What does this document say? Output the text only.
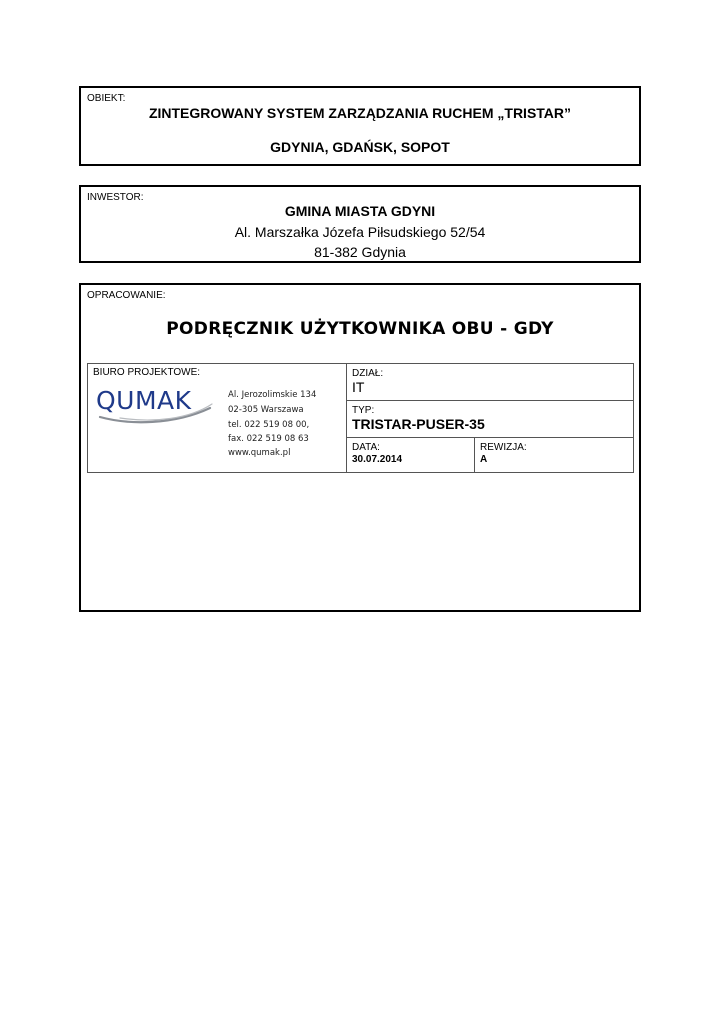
OBIEKT:
ZINTEGROWANY SYSTEM ZARZĄDZANIA RUCHEM „TRISTAR”
GDYNIA, GDAŃSK, SOPOT
INWESTOR:
GMINA MIASTA GDYNI
Al. Marszałka Józefa Piłsudskiego 52/54
81-382 Gdynia
OPRACOWANIE:
PODRĘCZNIK UŻYTKOWNIKA OBU - GDY
BIURO PROJEKTOWE:
QUMAK	Al. Jerozolimskie 134
02-305 Warszawa
tel. 022 519 08 00,
fax. 022 519 08 63
www.qumak.pl
DZIAŁ:
IT
TYP:
TRISTAR-PUSER-35
DATA:
30.07.2014
REWIZJA:
A
